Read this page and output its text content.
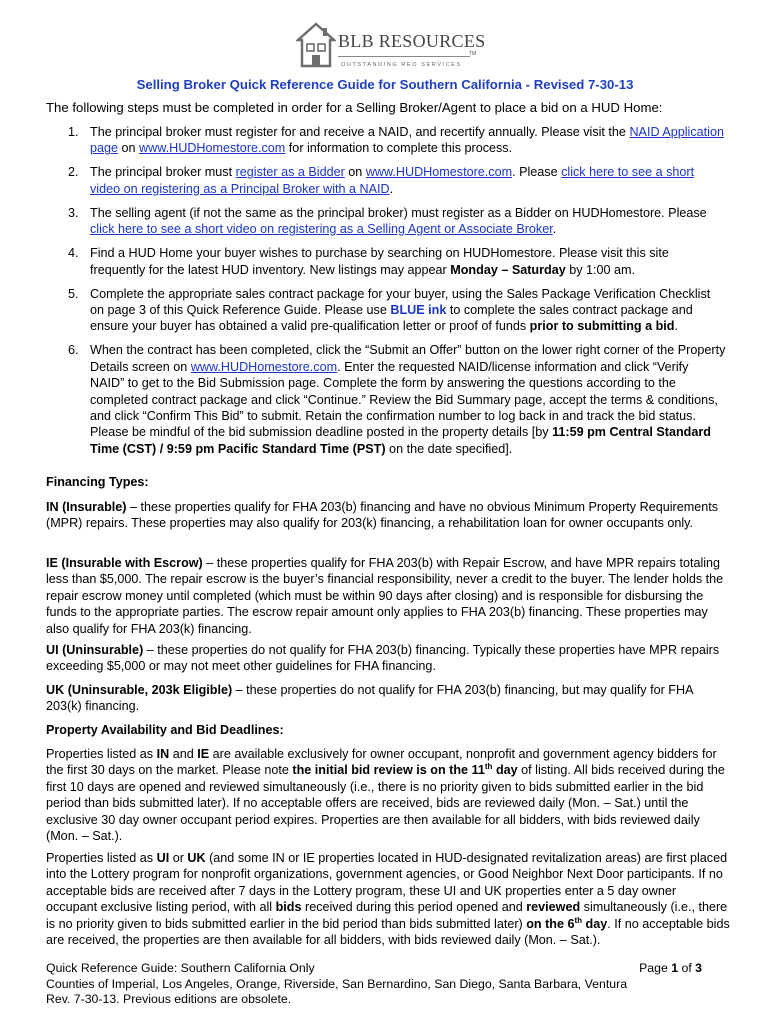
BLB RESOURCES
TM
OUTSTANDING REO SERVICES
Selling Broker Quick Reference Guide for Southern California - Revised 7-30-13
The following steps must be completed in order for a Selling Broker/Agent to place a bid on a HUD Home:
1. The principal broker must register for and receive a NAID, and recertify annually. Please visit the NAID Application page on www.HUDHomestore.com for information to complete this process.
2. The principal broker must register as a Bidder on www.HUDHomestore.com. Please click here to see a short video on registering as a Principal Broker with a NAID.
3. The selling agent (if not the same as the principal broker) must register as a Bidder on HUDHomestore. Please click here to see a short video on registering as a Selling Agent or Associate Broker.
4. Find a HUD Home your buyer wishes to purchase by searching on HUDHomestore. Please visit this site frequently for the latest HUD inventory. New listings may appear Monday – Saturday by 1:00 am.
5. Complete the appropriate sales contract package for your buyer, using the Sales Package Verification Checklist on page 3 of this Quick Reference Guide. Please use BLUE ink to complete the sales contract package and ensure your buyer has obtained a valid pre-qualification letter or proof of funds prior to submitting a bid.
6. When the contract has been completed, click the “Submit an Offer” button on the lower right corner of the Property Details screen on www.HUDHomestore.com. Enter the requested NAID/license information and click “Verify NAID” to get to the Bid Submission page. Complete the form by answering the questions according to the completed contract package and click “Continue.” Review the Bid Summary page, accept the terms & conditions, and click “Confirm This Bid” to submit. Retain the confirmation number to log back in and track the bid status. Please be mindful of the bid submission deadline posted in the property details [by 11:59 pm Central Standard Time (CST) / 9:59 pm Pacific Standard Time (PST) on the date specified].

Financing Types:

IN (Insurable) – these properties qualify for FHA 203(b) financing and have no obvious Minimum Property Requirements (MPR) repairs. These properties may also qualify for 203(k) financing, a rehabilitation loan for owner occupants only.

IE (Insurable with Escrow) – these properties qualify for FHA 203(b) with Repair Escrow, and have MPR repairs totaling less than $5,000. The repair escrow is the buyer’s financial responsibility, never a credit to the buyer. The lender holds the repair escrow money until completed (which must be within 90 days after closing) and is responsible for disbursing the funds to the appropriate parties. The escrow repair amount only applies to FHA 203(b) financing. These properties may also qualify for FHA 203(k) financing.

UI (Uninsurable) – these properties do not qualify for FHA 203(b) financing. Typically these properties have MPR repairs exceeding $5,000 or may not meet other guidelines for FHA financing.

UK (Uninsurable, 203k Eligible) – these properties do not qualify for FHA 203(b) financing, but may qualify for FHA 203(k) financing.

Property Availability and Bid Deadlines:

Properties listed as IN and IE are available exclusively for owner occupant, nonprofit and government agency bidders for the first 30 days on the market. Please note the initial bid review is on the 11th day of listing. All bids received during the first 10 days are opened and reviewed simultaneously (i.e., there is no priority given to bids submitted earlier in the bid period than bids submitted later). If no acceptable offers are received, bids are reviewed daily (Mon. – Sat.) until the exclusive 30 day owner occupant period expires. Properties are then available for all bidders, with bids reviewed daily (Mon. – Sat.).

Properties listed as UI or UK (and some IN or IE properties located in HUD-designated revitalization areas) are first placed into the Lottery program for nonprofit organizations, government agencies, or Good Neighbor Next Door participants. If no acceptable bids are received after 7 days in the Lottery program, these UI and UK properties enter a 5 day owner occupant exclusive listing period, with all bids received during this period opened and reviewed simultaneously (i.e., there is no priority given to bids submitted earlier in the bid period than bids submitted later) on the 6th day. If no acceptable bids are received, the properties are then available for all bidders, with bids reviewed daily (Mon. – Sat.).

Quick Reference Guide: Southern California Only	Page 1 of 3
Counties of Imperial, Los Angeles, Orange, Riverside, San Bernardino, San Diego, Santa Barbara, Ventura
Rev. 7-30-13. Previous editions are obsolete.
